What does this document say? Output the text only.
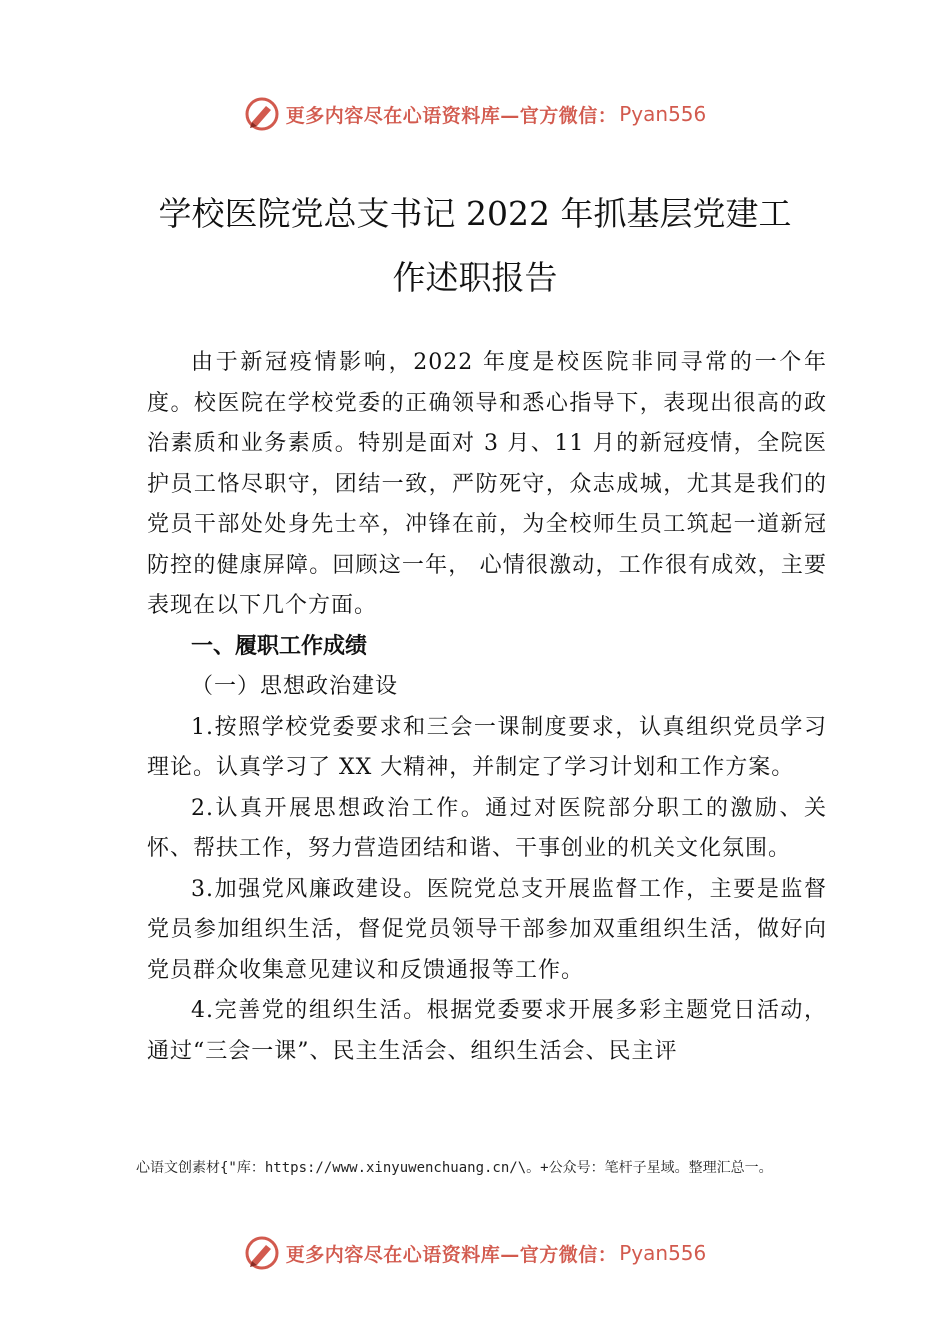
更多内容尽在心语资料库—官方微信： Pyan556
学校医院党总支书记 2022 年抓基层党建工
作述职报告

由于新冠疫情影响，2022 年度是校医院非同寻常的一个年度。校医院在学校党委的正确领导和悉心指导下，表现出很高的政治素质和业务素质。特别是面对 3 月、11 月的新冠疫情，全院医护员工恪尽职守，团结一致，严防死守，众志成城，尤其是我们的党员干部处处身先士卒，冲锋在前，为全校师生员工筑起一道新冠防控的健康屏障。回顾这一年， 心情很激动，工作很有成效，主要表现在以下几个方面。

一、履职工作成绩

（一）思想政治建设

1.按照学校党委要求和三会一课制度要求，认真组织党员学习理论。认真学习了 XX 大精神，并制定了学习计划和工作方案。

2.认真开展思想政治工作。通过对医院部分职工的激励、关怀、帮扶工作，努力营造团结和谐、干事创业的机关文化氛围。

3.加强党风廉政建设。医院党总支开展监督工作，主要是监督党员参加组织生活，督促党员领导干部参加双重组织生活，做好向党员群众收集意见建议和反馈通报等工作。

4.完善党的组织生活。根据党委要求开展多彩主题党日活动，通过“三会一课”、民主生活会、组织生活会、民主评

心语文创素材{"库：https://www.xinyuwenchuang.cn/\。+公众号：笔杆子星域。整理汇总一。

更多内容尽在心语资料库—官方微信： Pyan556
